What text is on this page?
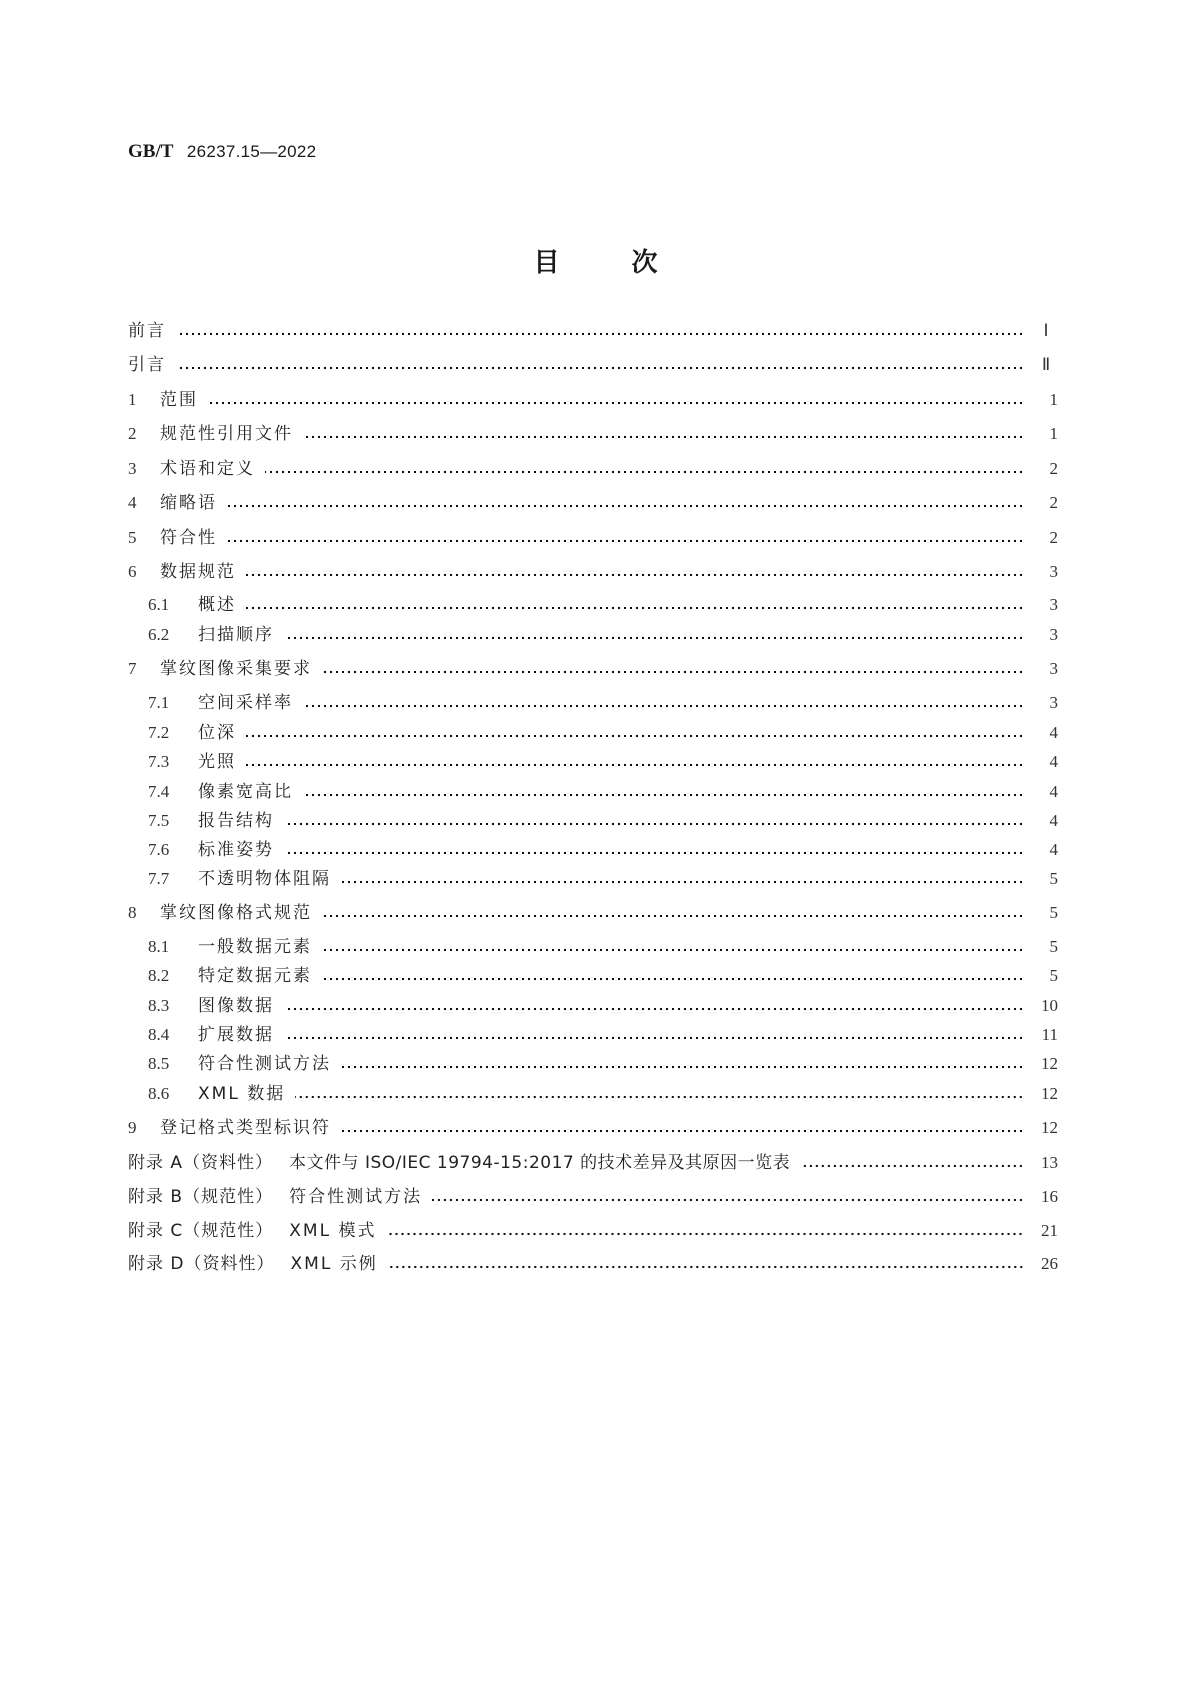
GB/T 26237.15—2022
目	次
前言	Ⅰ
引言	Ⅱ
1	范围	1
2	规范性引用文件	1
3	术语和定义	2
4	缩略语	2
5	符合性	2
6	数据规范	3
6.1	概述	3
6.2	扫描顺序	3
7	掌纹图像采集要求	3
7.1	空间采样率	3
7.2	位深	4
7.3	光照	4
7.4	像素宽高比	4
7.5	报告结构	4
7.6	标准姿势	4
7.7	不透明物体阻隔	5
8	掌纹图像格式规范	5
8.1	一般数据元素	5
8.2	特定数据元素	5
8.3	图像数据	10
8.4	扩展数据	11
8.5	符合性测试方法	12
8.6	XML 数据	12
9	登记格式类型标识符	12
附录 A（资料性） 本文件与 ISO/IEC 19794-15:2017 的技术差异及其原因一览表	13
附录 B（规范性） 符合性测试方法	16
附录 C（规范性） XML 模式	21
附录 D（资料性） XML 示例	26
